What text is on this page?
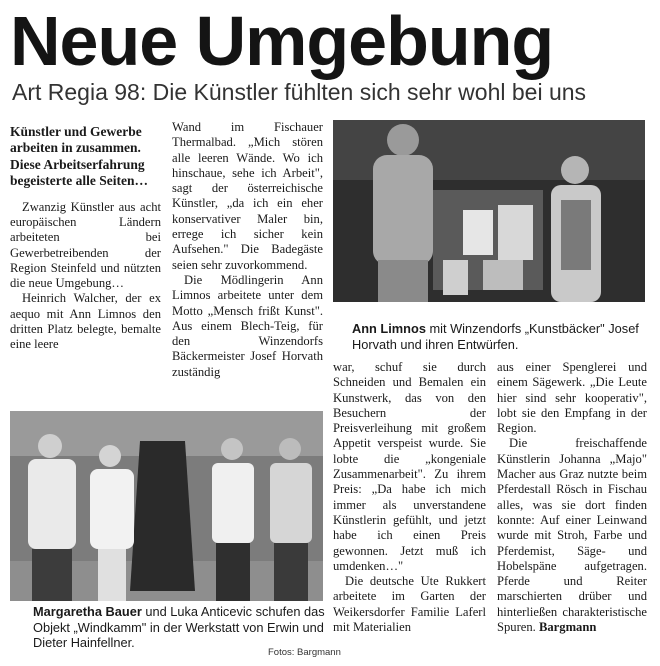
Neue Umgebung
Art Regia 98: Die Künstler fühlten sich sehr wohl bei uns

Künstler und Gewerbe arbeiten in zusammen. Diese Arbeitserfahrung begeisterte alle Seiten…

Zwanzig Künstler aus acht europäischen Ländern arbeiteten bei Gewerbetreibenden der Region Steinfeld und nützten die neue Umgebung…

Heinrich Walcher, der ex aequo mit Ann Limnos den dritten Platz belegte, bemalte eine leere

Wand im Fischauer Thermalbad. „Mich stören alle leeren Wände. Wo ich hinschaue, sehe ich Arbeit", sagt der österreichische Künstler, „da ich ein eher konservativer Maler bin, errege ich sicher kein Aufsehen." Die Badegäste seien sehr zuvorkommend.

Die Mödlingerin Ann Limnos arbeitete unter dem Motto „Mensch frißt Kunst". Aus einem Blech-Teig, für den Winzendorfs Bäckermeister Josef Horvath zuständig

Ann Limnos mit Winzendorfs „Kunstbäcker" Josef Horvath und ihren Entwürfen.
Margaretha Bauer und Luka Anticevic schufen das Objekt „Windkamm" in der Werkstatt von Erwin und Dieter Hainfellner.
Fotos: Bargmann

war, schuf sie durch Schneiden und Bemalen ein Kunstwerk, das von den Besuchern der Preisverleihung mit großem Appetit verspeist wurde. Sie lobte die „kongeniale Zusammenarbeit". Zu ihrem Preis: „Da habe ich mich immer als unverstandene Künstlerin gefühlt, und jetzt habe ich einen Preis gewonnen. Jetzt muß ich umdenken…"

Die deutsche Ute Rukkert arbeitete im Garten der Weikersdorfer Familie Laferl mit Materialien

aus einer Spenglerei und einem Sägewerk. „Die Leute hier sind sehr kooperativ", lobt sie den Empfang in der Region.

Die freischaffende Künstlerin Johanna „Majo" Macher aus Graz nutzte beim Pferdestall Rösch in Fischau alles, was sie dort finden konnte: Auf einer Leinwand wurde mit Stroh, Farbe und Pferdemist, Säge- und Hobelspäne aufgetragen. Pferde und Reiter marschierten drüber und hinterließen charakteristische Spuren. Bargmann
